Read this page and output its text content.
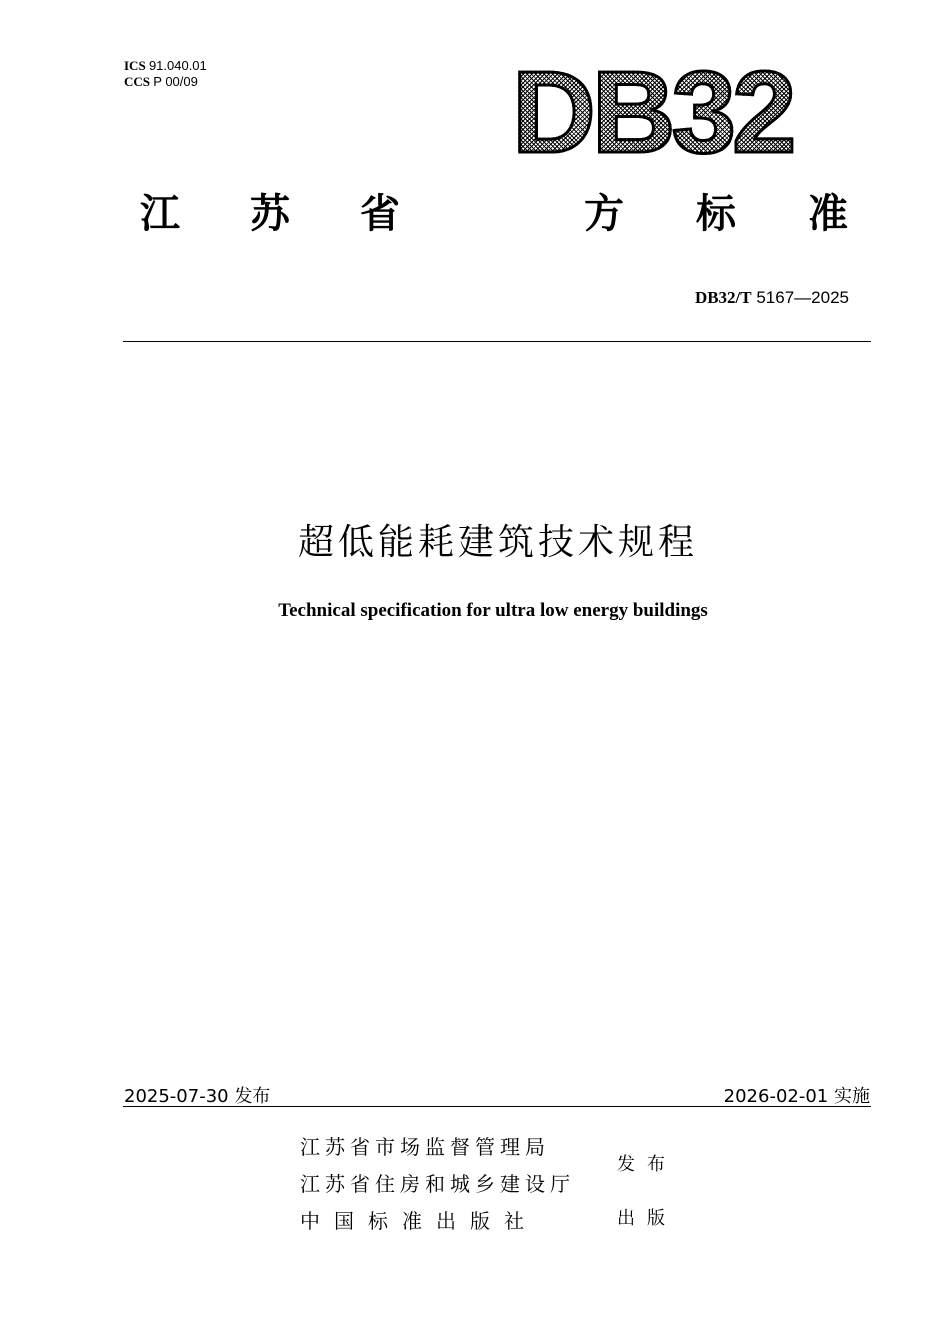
ICS 91.040.01
CCS P 00/09	DB32
江 苏 省	方 标 准
DB32/T 5167—2025
超低能耗建筑技术规程
Technical specification for ultra low energy buildings
2025-07-30 发布	2026-02-01 实施
江苏省市场监督管理局
江苏省住房和城乡建设厅
中国标准出版社
发布
出版
